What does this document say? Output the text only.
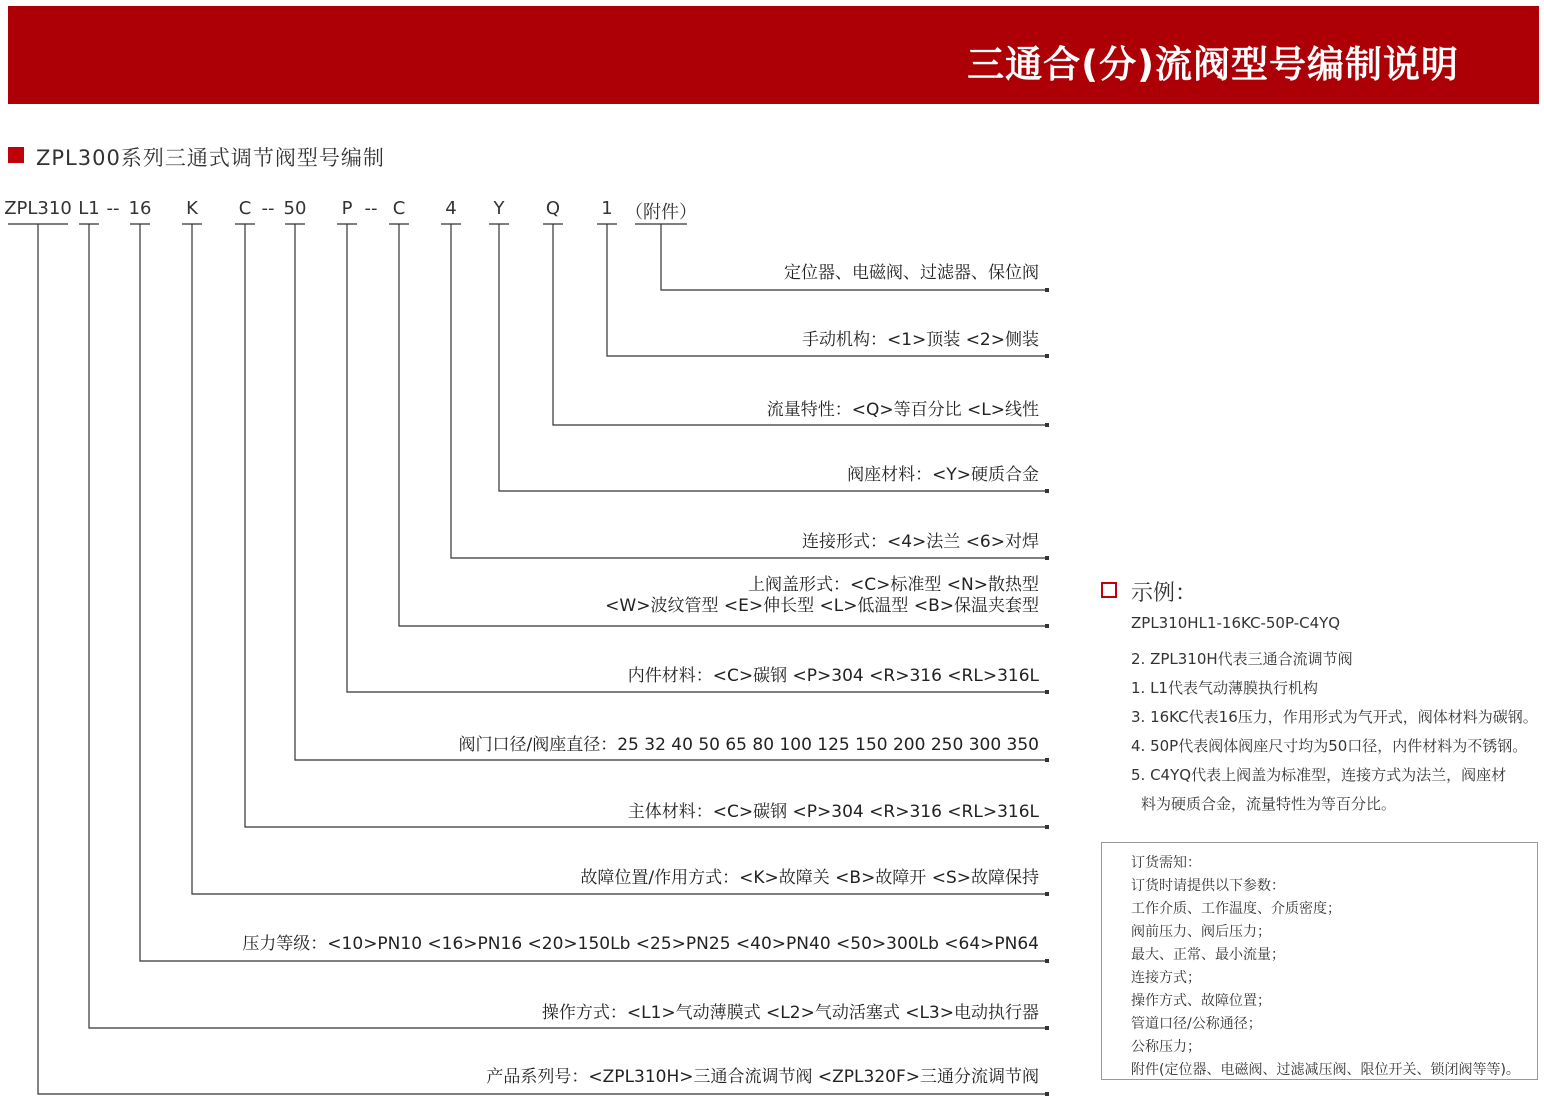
三通合(分)流阀型号编制说明
ZPL300系列三通式调节阀型号编制
ZPL310 L1 -- 16 K C -- 50 P -- C 4 Y Q 1 （附件）
定位器、电磁阀、过滤器、保位阀
手动机构：<1>顶装 <2>侧装
流量特性：<Q>等百分比 <L>线性
阀座材料：<Y>硬质合金
连接形式：<4>法兰 <6>对焊
上阀盖形式：<C>标准型 <N>散热型
<W>波纹管型 <E>伸长型 <L>低温型 <B>保温夹套型
内件材料：<C>碳钢 <P>304 <R>316 <RL>316L
阀门口径/阀座直径：25 32 40 50 65 80 100 125 150 200 250 300 350
主体材料：<C>碳钢 <P>304 <R>316 <RL>316L
故障位置/作用方式：<K>故障关 <B>故障开 <S>故障保持
压力等级：<10>PN10 <16>PN16 <20>150Lb <25>PN25 <40>PN40 <50>300Lb <64>PN64
操作方式：<L1>气动薄膜式 <L2>气动活塞式 <L3>电动执行器
产品系列号：<ZPL310H>三通合流调节阀 <ZPL320F>三通分流调节阀
示例：
ZPL310HL1-16KC-50P-C4YQ
2. ZPL310H代表三通合流调节阀
1. L1代表气动薄膜执行机构
3. 16KC代表16压力，作用形式为气开式，阀体材料为碳钢。
4. 50P代表阀体阀座尺寸均为50口径，内件材料为不锈钢。
5. C4YQ代表上阀盖为标准型，连接方式为法兰，阀座材
料为硬质合金，流量特性为等百分比。
订货需知：
订货时请提供以下参数：
工作介质、工作温度、介质密度；
阀前压力、阀后压力；
最大、正常、最小流量；
连接方式；
操作方式、故障位置；
管道口径/公称通径；
公称压力；
附件(定位器、电磁阀、过滤减压阀、限位开关、锁闭阀等等)。
